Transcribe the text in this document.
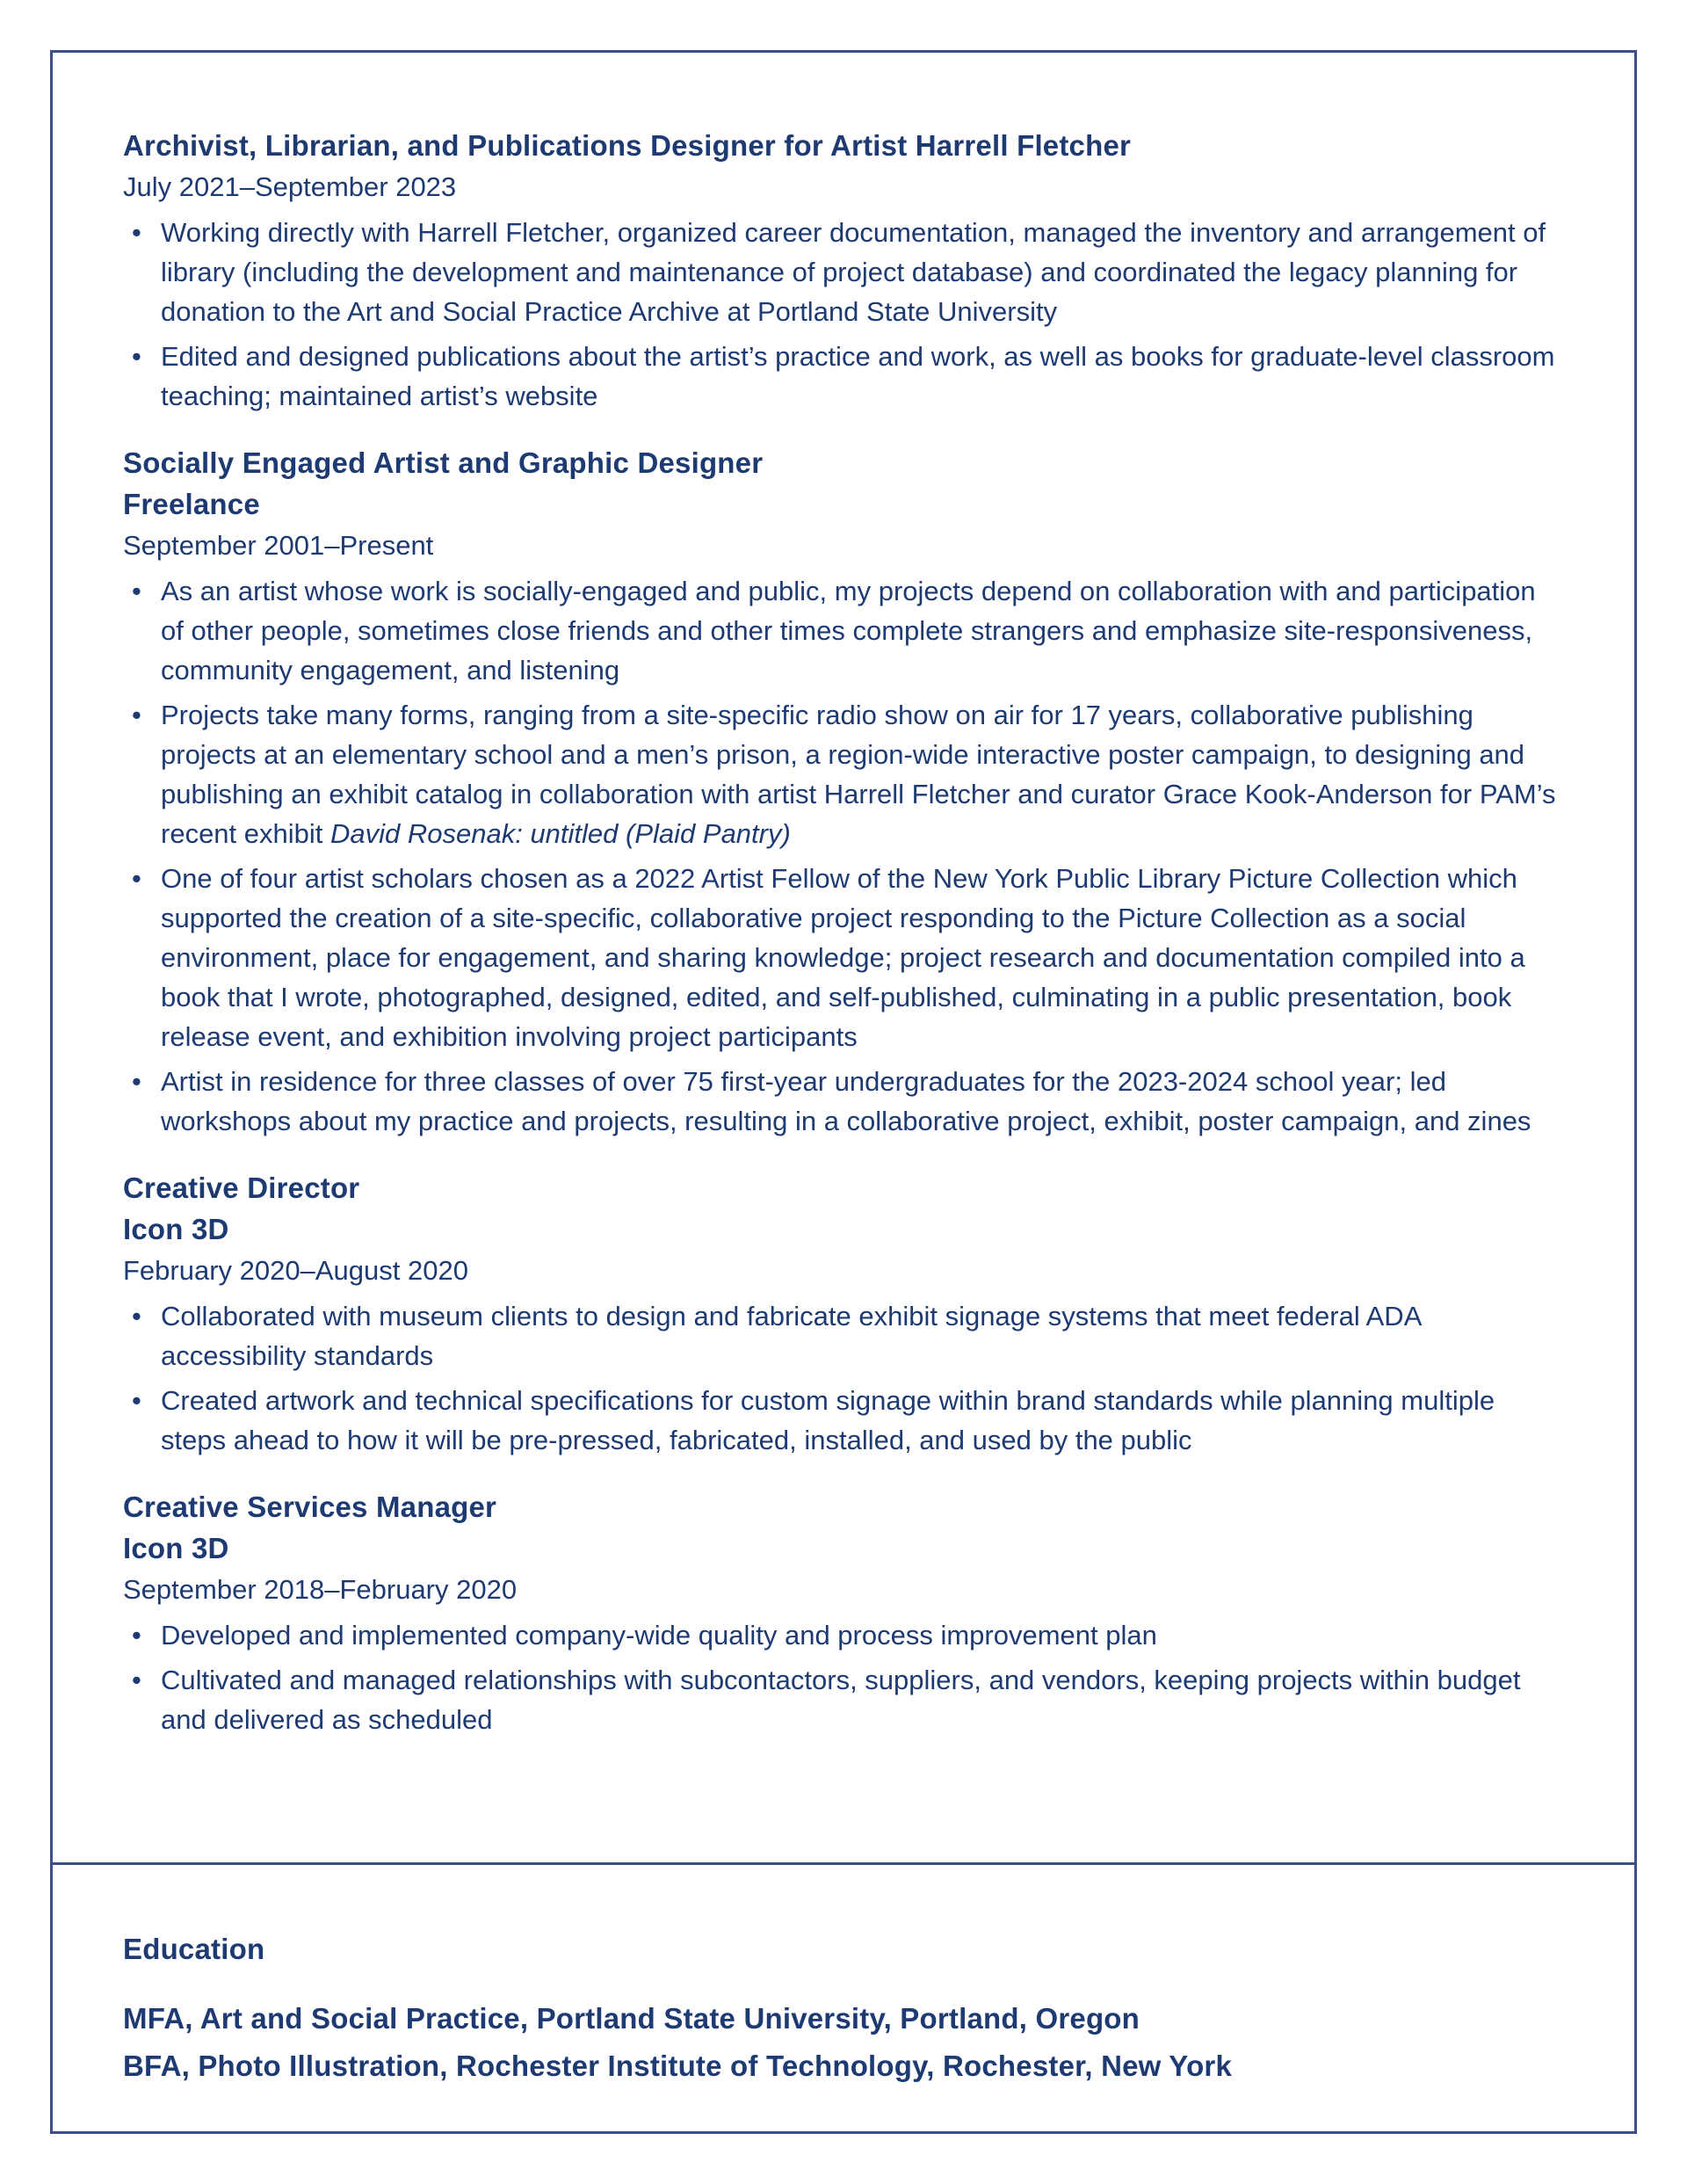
Archivist, Librarian, and Publications Designer for Artist Harrell Fletcher
July 2021–September 2023
• Working directly with Harrell Fletcher, organized career documentation, managed the inventory and arrangement of library (including the development and maintenance of project database) and coordinated the legacy planning for donation to the Art and Social Practice Archive at Portland State University
• Edited and designed publications about the artist’s practice and work, as well as books for graduate-level classroom teaching; maintained artist’s website
Socially Engaged Artist and Graphic Designer
Freelance
September 2001–Present
• As an artist whose work is socially-engaged and public, my projects depend on collaboration with and participation of other people, sometimes close friends and other times complete strangers and emphasize site-responsiveness, community engagement, and listening
• Projects take many forms, ranging from a site-specific radio show on air for 17 years, collaborative publishing projects at an elementary school and a men’s prison, a region-wide interactive poster campaign, to designing and publishing an exhibit catalog in collaboration with artist Harrell Fletcher and curator Grace Kook-Anderson for PAM’s recent exhibit David Rosenak: untitled (Plaid Pantry)
• One of four artist scholars chosen as a 2022 Artist Fellow of the New York Public Library Picture Collection which supported the creation of a site-specific, collaborative project responding to the Picture Collection as a social environment, place for engagement, and sharing knowledge; project research and documentation compiled into a book that I wrote, photographed, designed, edited, and self-published, culminating in a public presentation, book release event, and exhibition involving project participants
• Artist in residence for three classes of over 75 first-year undergraduates for the 2023-2024 school year; led workshops about my practice and projects, resulting in a collaborative project, exhibit, poster campaign, and zines
Creative Director
Icon 3D
February 2020–August 2020
• Collaborated with museum clients to design and fabricate exhibit signage systems that meet federal ADA accessibility standards
• Created artwork and technical specifications for custom signage within brand standards while planning multiple steps ahead to how it will be pre-pressed, fabricated, installed, and used by the public
Creative Services Manager
Icon 3D
September 2018–February 2020
• Developed and implemented company-wide quality and process improvement plan
• Cultivated and managed relationships with subcontactors, suppliers, and vendors, keeping projects within budget and delivered as scheduled
Education

MFA, Art and Social Practice, Portland State University, Portland, Oregon

BFA, Photo Illustration, Rochester Institute of Technology, Rochester, New York
